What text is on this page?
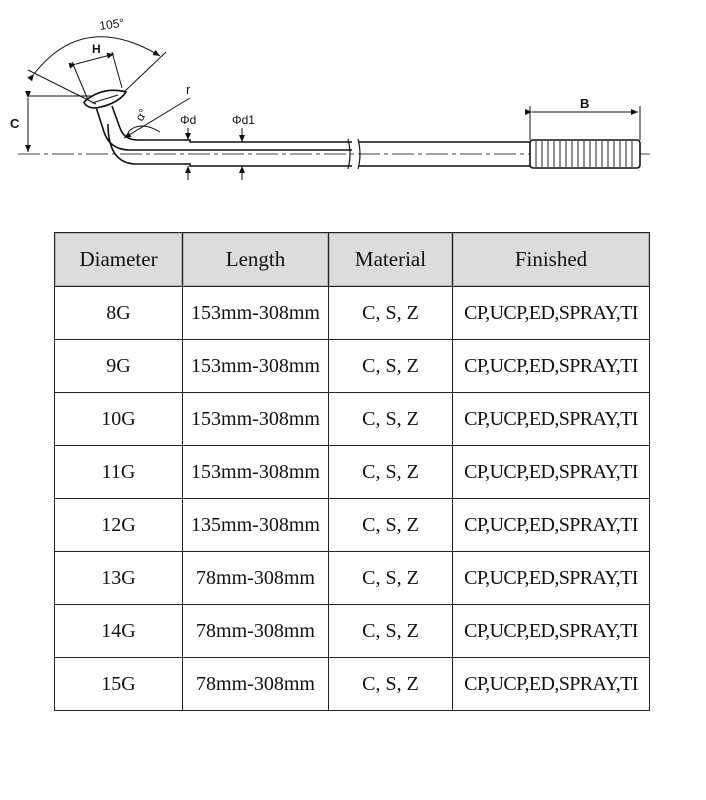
105°
H
C
r
α° Φd	Φd1
B
Diameter	Length	Material	Finished
8G	153mm-308mm	C, S, Z	CP,UCP,ED,SPRAY,TI
9G	153mm-308mm	C, S, Z	CP,UCP,ED,SPRAY,TI
10G	153mm-308mm	C, S, Z	CP,UCP,ED,SPRAY,TI
11G	153mm-308mm	C, S, Z	CP,UCP,ED,SPRAY,TI
12G	135mm-308mm	C, S, Z	CP,UCP,ED,SPRAY,TI
13G	78mm-308mm	C, S, Z	CP,UCP,ED,SPRAY,TI
14G	78mm-308mm	C, S, Z	CP,UCP,ED,SPRAY,TI
15G	78mm-308mm	C, S, Z	CP,UCP,ED,SPRAY,TI
